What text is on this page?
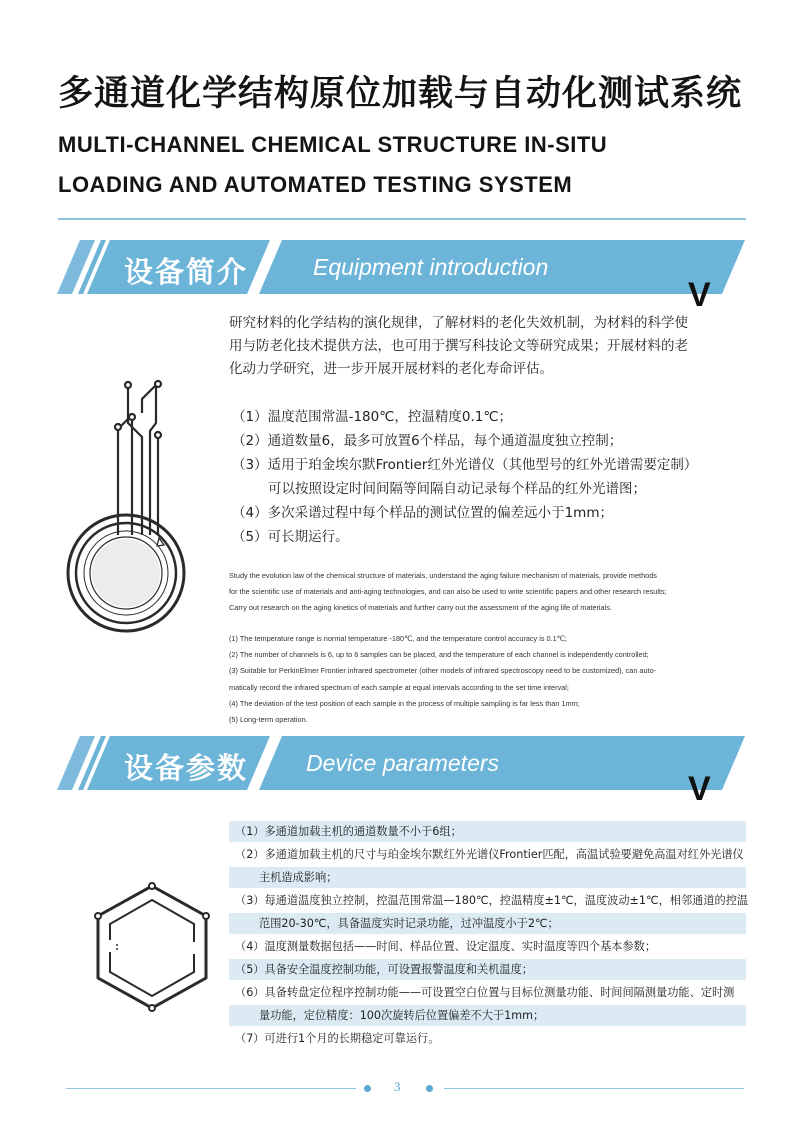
多通道化学结构原位加载与自动化测试系统
MULTI-CHANNEL CHEMICAL STRUCTURE IN-SITU
LOADING AND AUTOMATED TESTING SYSTEM
设备简介	Equipment introduction
V
研究材料的化学结构的演化规律，了解材料的老化失效机制，为材料的科学使
用与防老化技术提供方法，也可用于撰写科技论文等研究成果；开展材料的老
化动力学研究，进一步开展开展材料的老化寿命评估。
（1）温度范围常温-180℃，控温精度0.1℃；
（2）通道数量6，最多可放置6个样品，每个通道温度独立控制；
（3）适用于珀金埃尔默Frontier红外光谱仪（其他型号的红外光谱需要定制）
可以按照设定时间间隔等间隔自动记录每个样品的红外光谱图；
（4）多次采谱过程中每个样品的测试位置的偏差远小于1mm；
（5）可长期运行。
Study the evolution law of the chemical structure of materials, understand the aging failure mechanism of materials, provide methods
for the scientific use of materials and anti-aging technologies, and can also be used to write scientific papers and other research results;
Carry out research on the aging kinetics of materials and further carry out the assessment of the aging life of materials.
(1) The temperature range is normal temperature -180℃, and the temperature control accuracy is 0.1℃;
(2) The number of channels is 6, up to 6 samples can be placed, and the temperature of each channel is independently controlled;
(3) Suitable for PerkinElmer Frontier infrared spectrometer (other models of infrared spectroscopy need to be customized), can auto-
matically record the infrared spectrum of each sample at equal intervals according to the set time interval;
(4) The deviation of the test position of each sample in the process of multiple sampling is far less than 1mm;
(5) Long-term operation.
设备参数	Device parameters
V
（1）多通道加载主机的通道数量不小于6组；
（2）多通道加载主机的尺寸与珀金埃尔默红外光谱仪Frontier匹配，高温试验要避免高温对红外光谱仪
主机造成影响；
（3）每通道温度独立控制，控温范围常温—180℃，控温精度±1℃，温度波动±1℃，相邻通道的控温
范围20-30℃，具备温度实时记录功能，过冲温度小于2℃；
（4）温度测量数据包括——时间、样品位置、设定温度、实时温度等四个基本参数；
（5）具备安全温度控制功能，可设置报警温度和关机温度；
（6）具备转盘定位程序控制功能——可设置空白位置与目标位测量功能、时间间隔测量功能、定时测
量功能，定位精度：100次旋转后位置偏差不大于1mm；
（7）可进行1个月的长期稳定可靠运行。
3
